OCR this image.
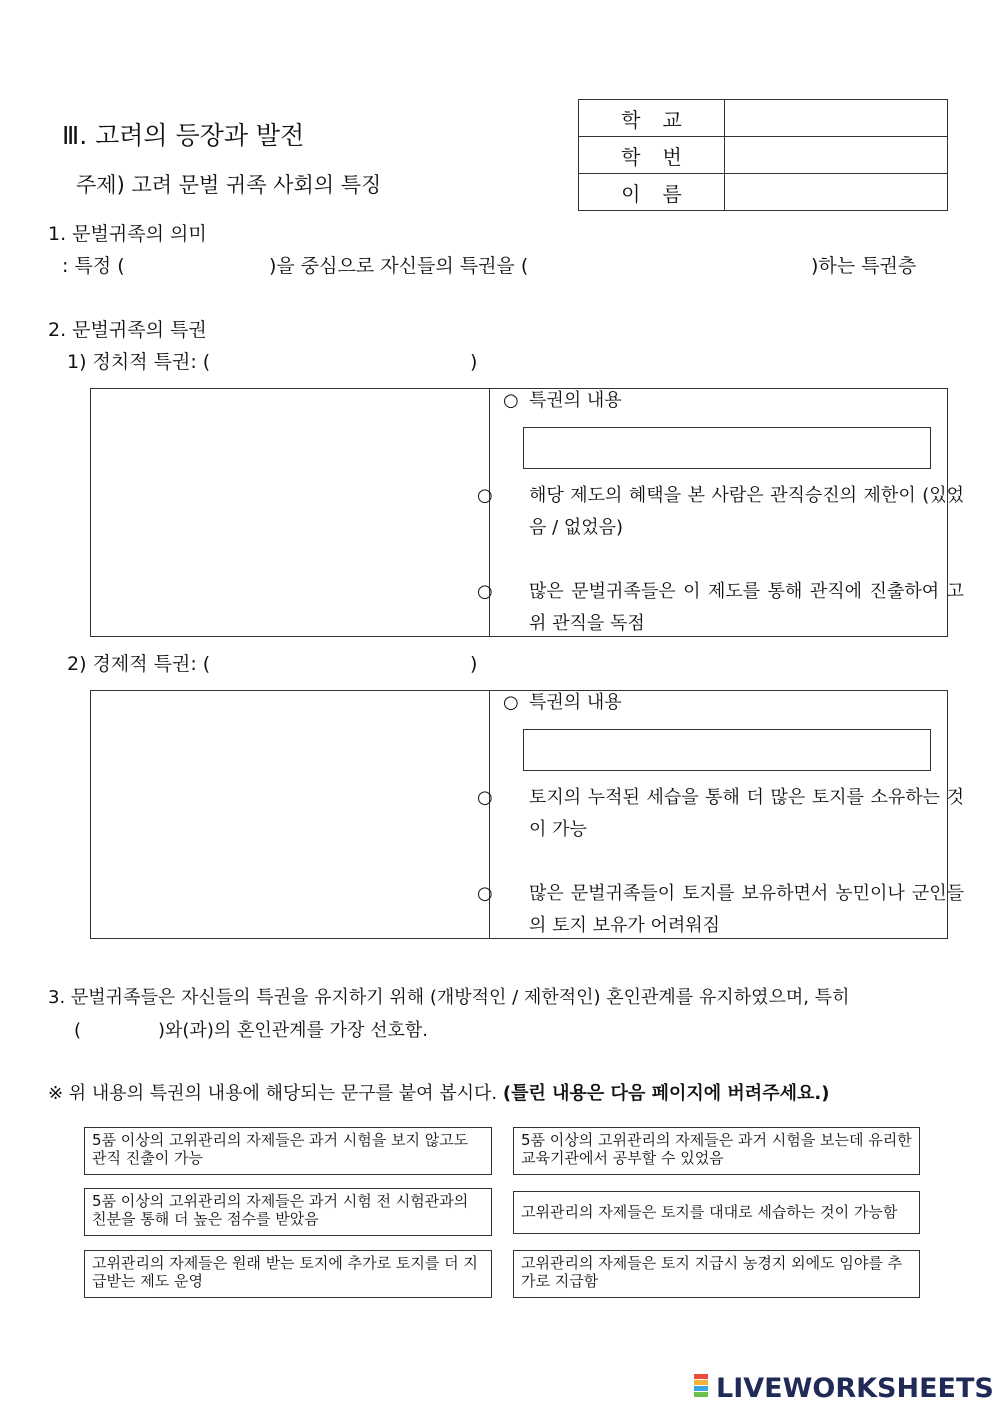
Ⅲ. 고려의 등장과 발전
주제) 고려 문벌 귀족 사회의 특징
학교	
학번	
이름	
1. 문벌귀족의 의미
: 특정 (	)을 중심으로 자신들의 특권을 (	)하는 특권층
2. 문벌귀족의 특권
1) 정치적 특권: (	)
○ 특권의 내용
○ 해당 제도의 혜택을 본 사람은 관직승진의 제한이 (있었음 / 없었음)
○ 많은 문벌귀족들은 이 제도를 통해 관직에 진출하여 고위 관직을 독점
2) 경제적 특권: (	)
○ 특권의 내용
○ 토지의 누적된 세습을 통해 더 많은 토지를 소유하는 것이 가능
○ 많은 문벌귀족들이 토지를 보유하면서 농민이나 군인들의 토지 보유가 어려워짐
3. 문벌귀족들은 자신들의 특권을 유지하기 위해 (개방적인 / 제한적인) 혼인관계를 유지하였으며, 특히
(	)와(과)의 혼인관계를 가장 선호함.
※ 위 내용의 특권의 내용에 해당되는 문구를 붙여 봅시다. (틀린 내용은 다음 페이지에 버려주세요.)
5품 이상의 고위관리의 자제들은 과거 시험을 보지 않고도 관직 진출이 가능
5품 이상의 고위관리의 자제들은 과거 시험을 보는데 유리한 교육기관에서 공부할 수 있었음
5품 이상의 고위관리의 자제들은 과거 시험 전 시험관과의 친분을 통해 더 높은 점수를 받았음	고위관리의 자제들은 토지를 대대로 세습하는 것이 가능함
고위관리의 자제들은 원래 받는 토지에 추가로 토지를 더 지급받는 제도 운영
고위관리의 자제들은 토지 지급시 농경지 외에도 임야를 추가로 지급함
LIVEWORKSHEETS
